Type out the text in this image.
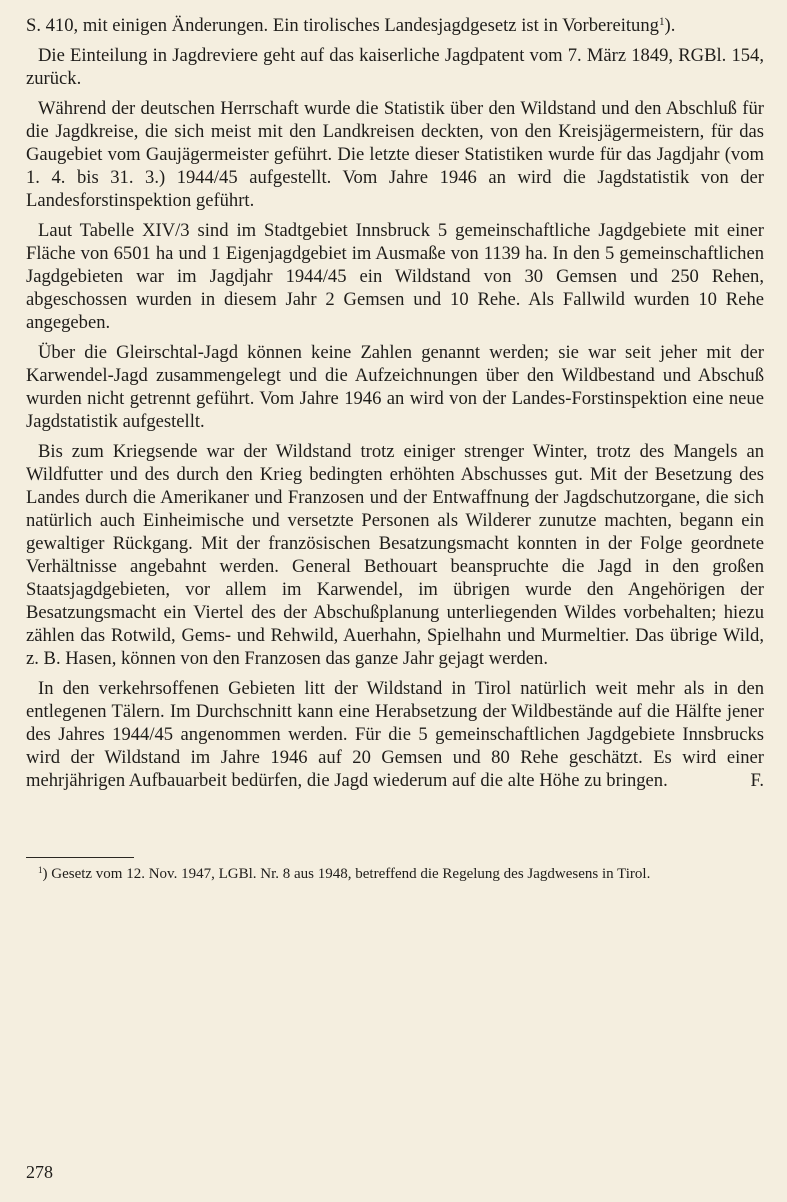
S. 410, mit einigen Änderungen. Ein tirolisches Landesjagdgesetz ist in Vorbereitung$^1$).

Die Einteilung in Jagdreviere geht auf das kaiserliche Jagdpatent vom 7. März 1849, RGBl. 154, zurück.

Während der deutschen Herrschaft wurde die Statistik über den Wildstand und den Abschluß für die Jagdkreise, die sich meist mit den Landkreisen deckten, von den Kreisjägermeistern, für das Gaugebiet vom Gaujägermeister geführt. Die letzte dieser Statistiken wurde für das Jagdjahr (vom 1. 4. bis 31. 3.) 1944/45 aufgestellt. Vom Jahre 1946 an wird die Jagdstatistik von der Landesforstinspektion geführt.

Laut Tabelle XIV/3 sind im Stadtgebiet Innsbruck 5 gemeinschaftliche Jagdgebiete mit einer Fläche von 6501 ha und 1 Eigenjagdgebiet im Ausmaße von 1139 ha. In den 5 gemeinschaftlichen Jagdgebieten war im Jagdjahr 1944/45 ein Wildstand von 30 Gemsen und 250 Rehen, abgeschossen wurden in diesem Jahr 2 Gemsen und 10 Rehe. Als Fallwild wurden 10 Rehe angegeben.

Über die Gleirschtal-Jagd können keine Zahlen genannt werden; sie war seit jeher mit der Karwendel-Jagd zusammengelegt und die Aufzeichnungen über den Wildbestand und Abschuß wurden nicht getrennt geführt. Vom Jahre 1946 an wird von der Landes-Forstinspektion eine neue Jagdstatistik aufgestellt.

Bis zum Kriegsende war der Wildstand trotz einiger strenger Winter, trotz des Mangels an Wildfutter und des durch den Krieg bedingten erhöhten Abschusses gut. Mit der Besetzung des Landes durch die Amerikaner und Franzosen und der Entwaffnung der Jagdschutzorgane, die sich natürlich auch Einheimische und versetzte Personen als Wilderer zunutze machten, begann ein gewaltiger Rückgang. Mit der französischen Besatzungsmacht konnten in der Folge geordnete Verhältnisse angebahnt werden. General Bethouart beanspruchte die Jagd in den großen Staatsjagdgebieten, vor allem im Karwendel, im übrigen wurde den Angehörigen der Besatzungsmacht ein Viertel des der Abschußplanung unterliegenden Wildes vorbehalten; hiezu zählen das Rotwild, Gems- und Rehwild, Auerhahn, Spielhahn und Murmeltier. Das übrige Wild, z. B. Hasen, können von den Franzosen das ganze Jahr gejagt werden.

In den verkehrsoffenen Gebieten litt der Wildstand in Tirol natürlich weit mehr als in den entlegenen Tälern. Im Durchschnitt kann eine Herabsetzung der Wildbestände auf die Hälfte jener des Jahres 1944/45 angenommen werden. Für die 5 gemeinschaftlichen Jagdgebiete Innsbrucks wird der Wildstand im Jahre 1946 auf 20 Gemsen und 80 Rehe geschätzt. Es wird einer mehrjährigen Aufbauarbeit bedürfen, die Jagd wiederum auf die alte Höhe zu bringen.	F.

$^1$) Gesetz vom 12. Nov. 1947, LGBl. Nr. 8 aus 1948, betreffend die Regelung des Jagdwesens in Tirol.
278
